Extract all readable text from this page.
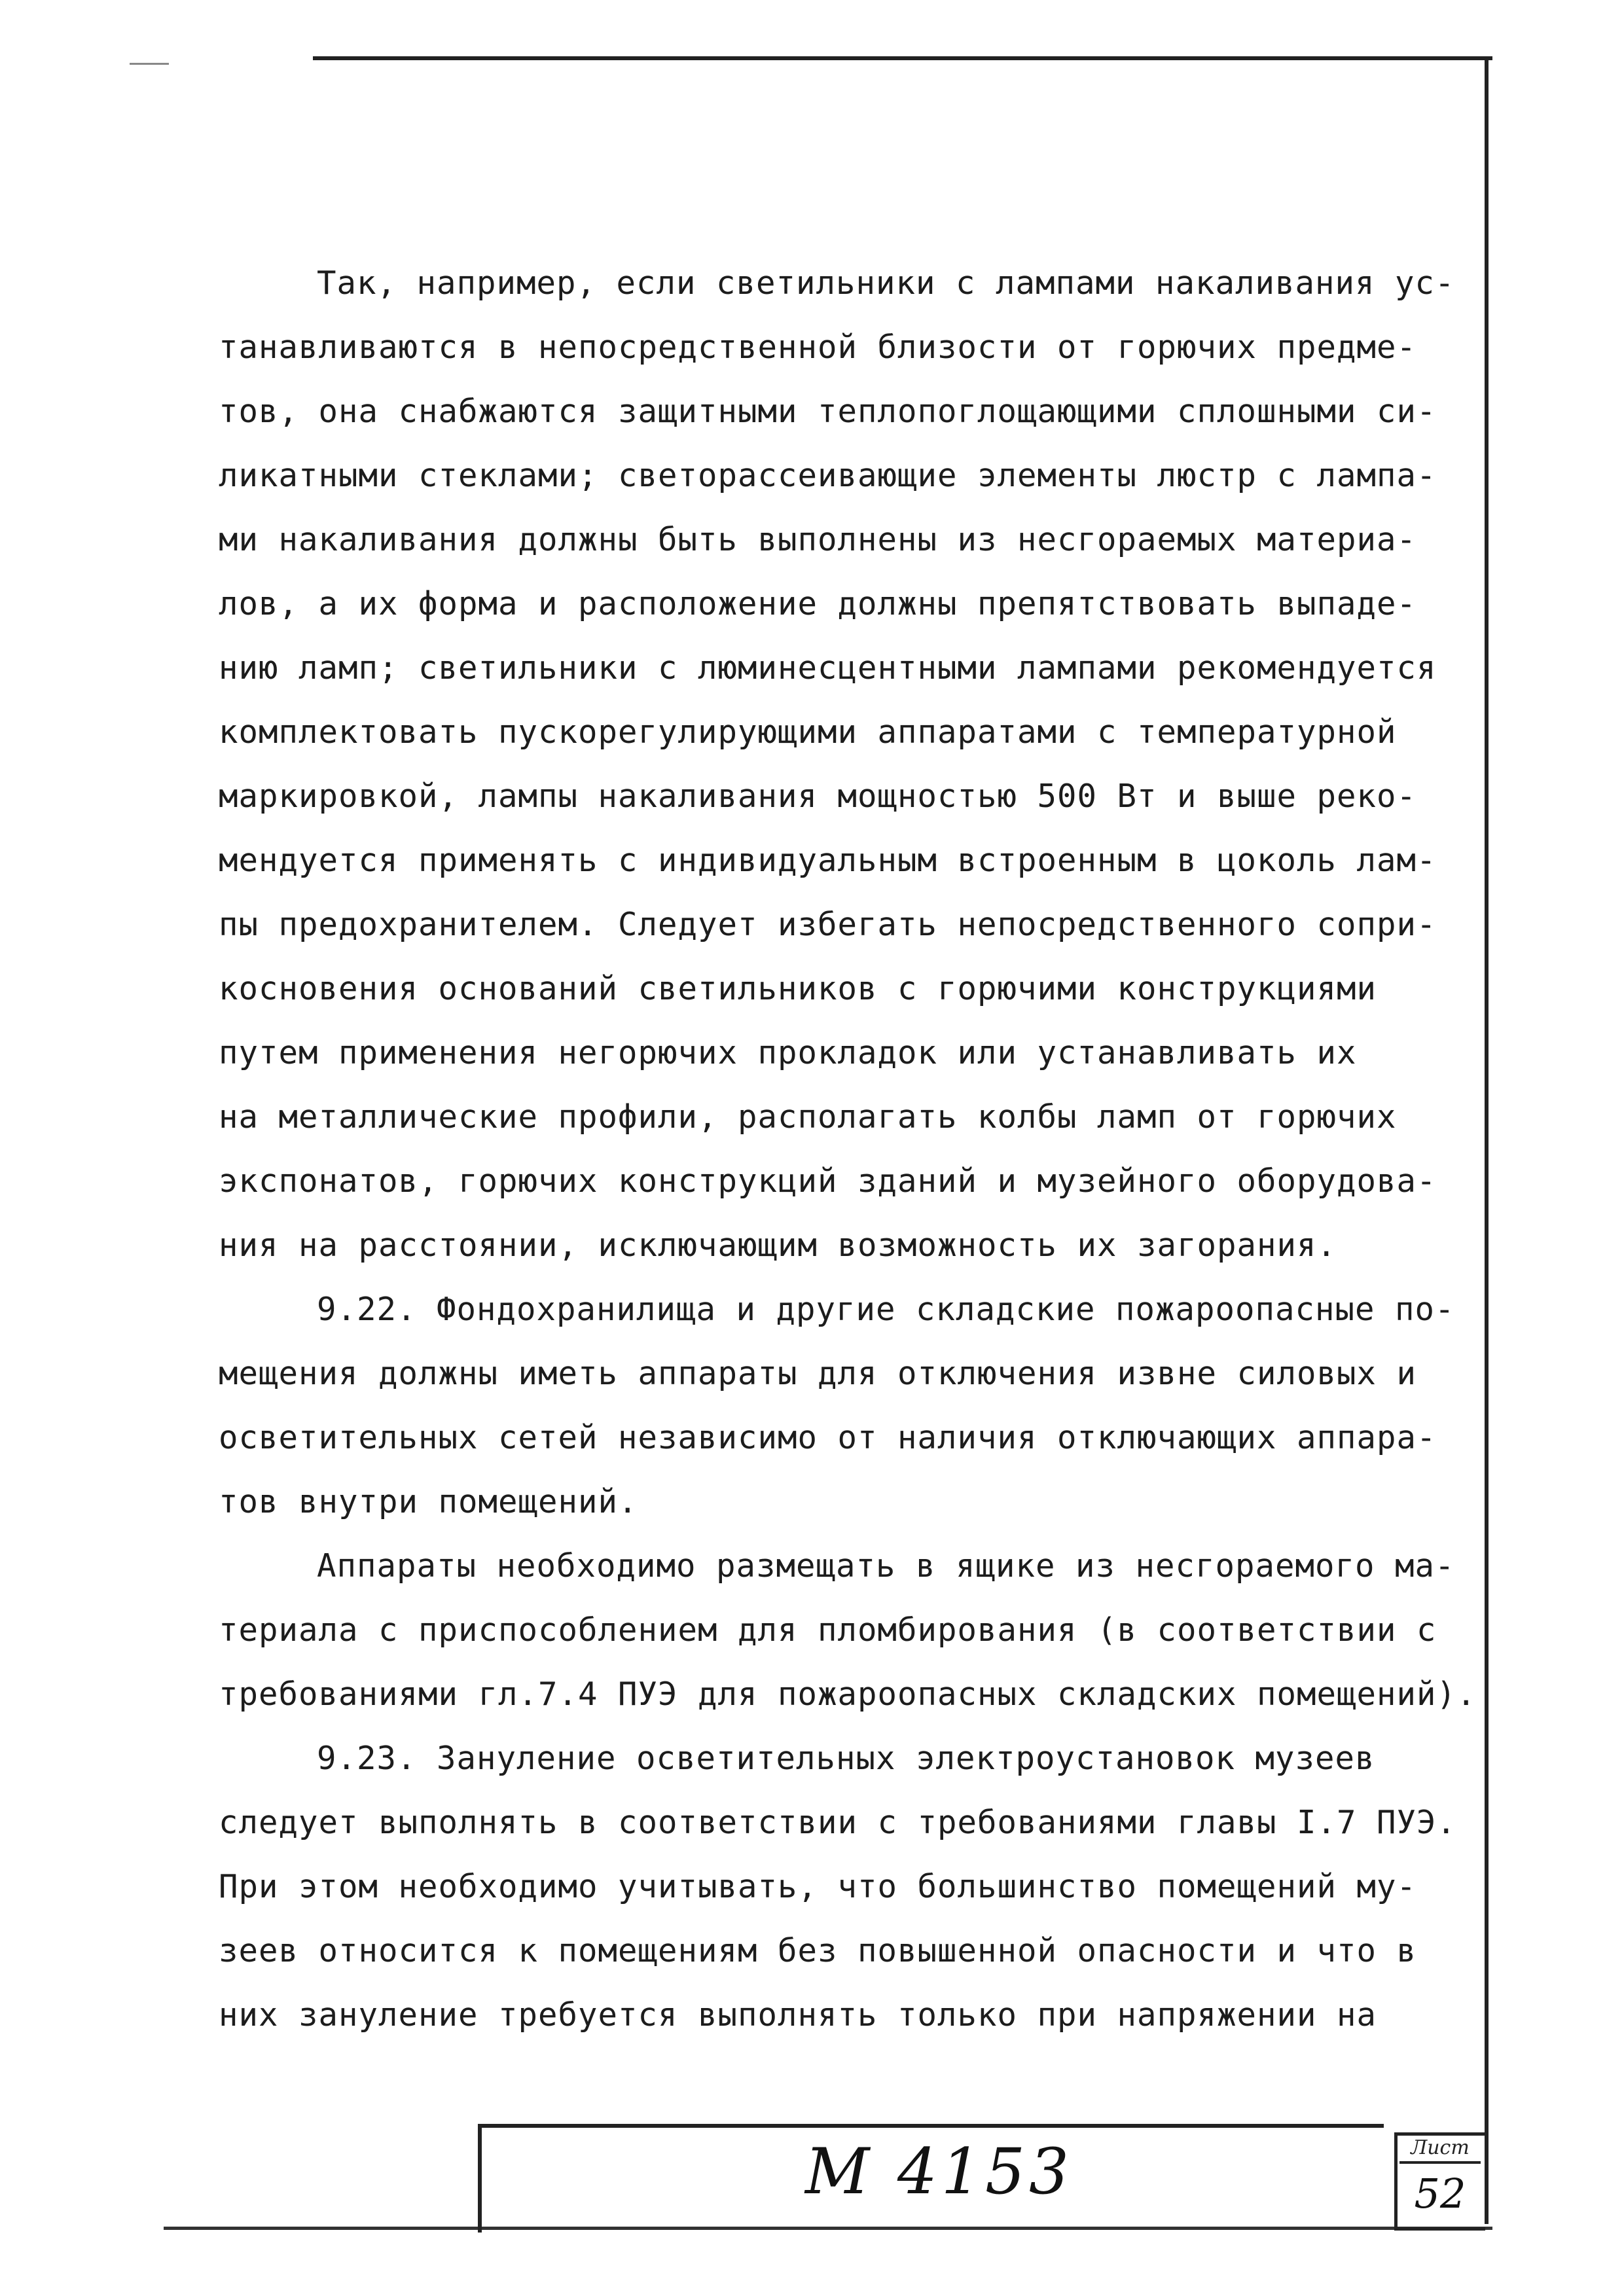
Так, например, если светильники с лампами накаливания ус-
танавливаются в непосредственной близости от горючих предме-
тов, она снабжаются защитными теплопоглощающими сплошными си-
ликатными стеклами; светорассеивающие элементы люстр с лампа-
ми накаливания должны быть выполнены из несгораемых материа-
лов, а их форма и расположение должны препятствовать выпаде-
нию ламп; светильники с люминесцентными лампами рекомендуется
комплектовать пускорегулирующими аппаратами с температурной
маркировкой, лампы накаливания мощностью 500 Вт и выше реко-
мендуется применять с индивидуальным встроенным в цоколь лам-
пы предохранителем. Следует избегать непосредственного сопри-
косновения оснований светильников с горючими конструкциями
путем применения негорючих прокладок или устанавливать их
на металлические профили, располагать колбы ламп от горючих
экспонатов, горючих конструкций зданий и музейного оборудова-
ния на расстоянии, исключающим возможность их загорания.
9.22. Фондохранилища и другие складские пожароопасные по-
мещения должны иметь аппараты для отключения извне силовых и
осветительных сетей независимо от наличия отключающих аппара-
тов внутри помещений.
Аппараты необходимо размещать в ящике из несгораемого ма-
териала с приспособлением для пломбирования (в соответствии с
требованиями гл.7.4 ПУЭ для пожароопасных складских помещений).
9.23. Зануление осветительных электроустановок музеев
следует выполнять в соответствии с требованиями главы I.7 ПУЭ.
При этом необходимо учитывать, что большинство помещений му-
зеев относится к помещениям без повышенной опасности и что в
них зануление требуется выполнять только при напряжении на
М 4153	Лист
52
